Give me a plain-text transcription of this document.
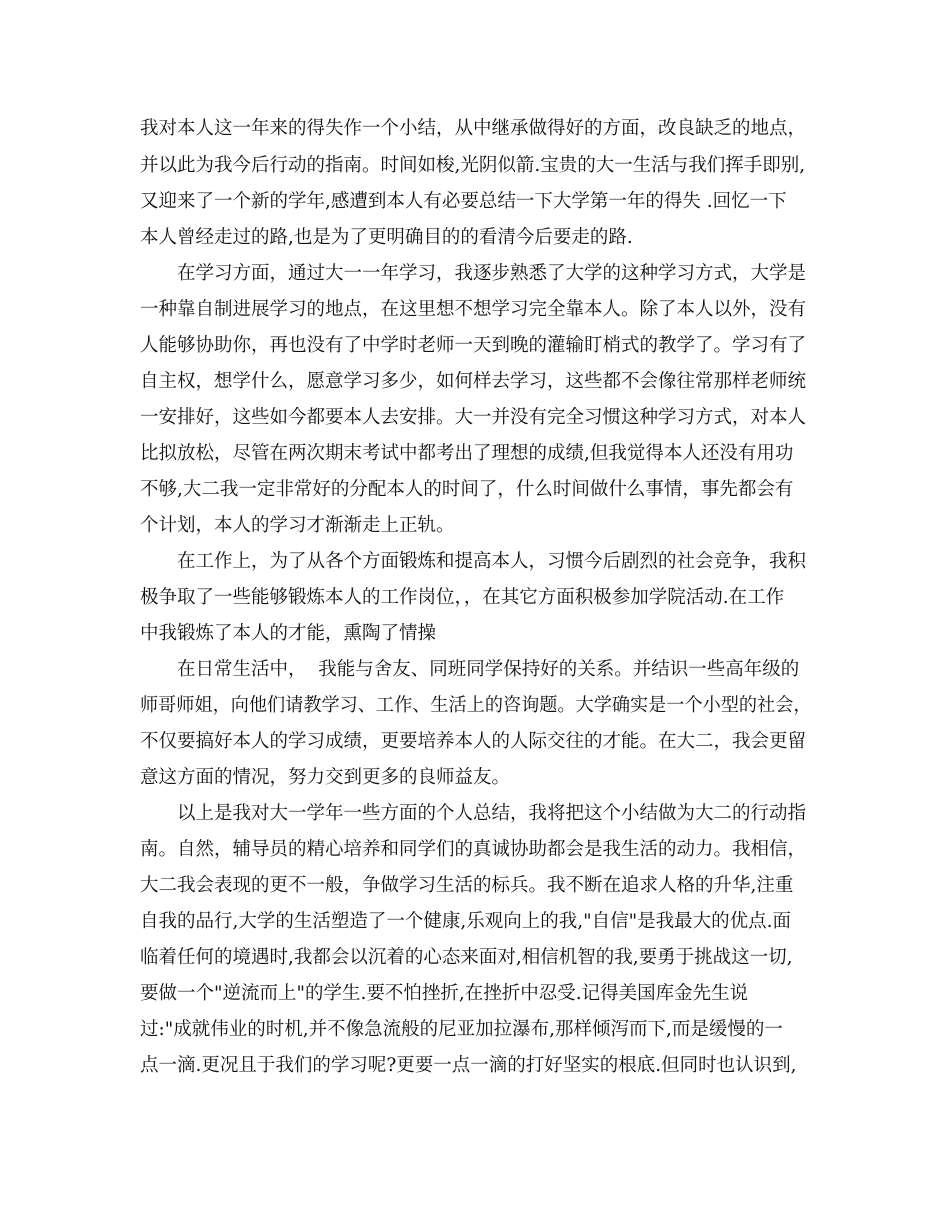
我对本人这一年来的得失作一个小结，从中继承做得好的方面，改良缺乏的地点，
并以此为我今后行动的指南。时间如梭,光阴似箭.宝贵的大一生活与我们挥手即别,
又迎来了一个新的学年,感遭到本人有必要总结一下大学第一年的得失 .回忆一下
本人曾经走过的路,也是为了更明确目的的看清今后要走的路.
在学习方面，通过大一一年学习，我逐步熟悉了大学的这种学习方式，大学是
一种靠自制进展学习的地点，在这里想不想学习完全靠本人。除了本人以外，没有
人能够协助你，再也没有了中学时老师一天到晚的灌输盯梢式的教学了。学习有了
自主权，想学什么，愿意学习多少，如何样去学习，这些都不会像往常那样老师统
一安排好，这些如今都要本人去安排。大一并没有完全习惯这种学习方式，对本人
比拟放松，尽管在两次期末考试中都考出了理想的成绩,但我觉得本人还没有用功
不够,大二我一定非常好的分配本人的时间了，什么时间做什么事情，事先都会有
个计划，本人的学习才渐渐走上正轨。
在工作上，为了从各个方面锻炼和提高本人，习惯今后剧烈的社会竞争，我积
极争取了一些能够锻炼本人的工作岗位，，在其它方面积极参加学院活动.在工作
中我锻炼了本人的才能，熏陶了情操
在日常生活中，  我能与舍友、同班同学保持好的关系。并结识一些高年级的
师哥师姐，向他们请教学习、工作、生活上的咨询题。大学确实是一个小型的社会，
不仅要搞好本人的学习成绩，更要培养本人的人际交往的才能。在大二，我会更留
意这方面的情况，努力交到更多的良师益友。
以上是我对大一学年一些方面的个人总结，我将把这个小结做为大二的行动指
南。自然，辅导员的精心培养和同学们的真诚协助都会是我生活的动力。我相信，
大二我会表现的更不一般，争做学习生活的标兵。我不断在追求人格的升华,注重
自我的品行,大学的生活塑造了一个健康,乐观向上的我,"自信"是我最大的优点.面
临着任何的境遇时,我都会以沉着的心态来面对,相信机智的我,要勇于挑战这一切,
要做一个"逆流而上"的学生.要不怕挫折,在挫折中忍受.记得美国库金先生说
过:"成就伟业的时机,并不像急流般的尼亚加拉瀑布,那样倾泻而下,而是缓慢的一
点一滴.更况且于我们的学习呢?更要一点一滴的打好坚实的根底.但同时也认识到,
